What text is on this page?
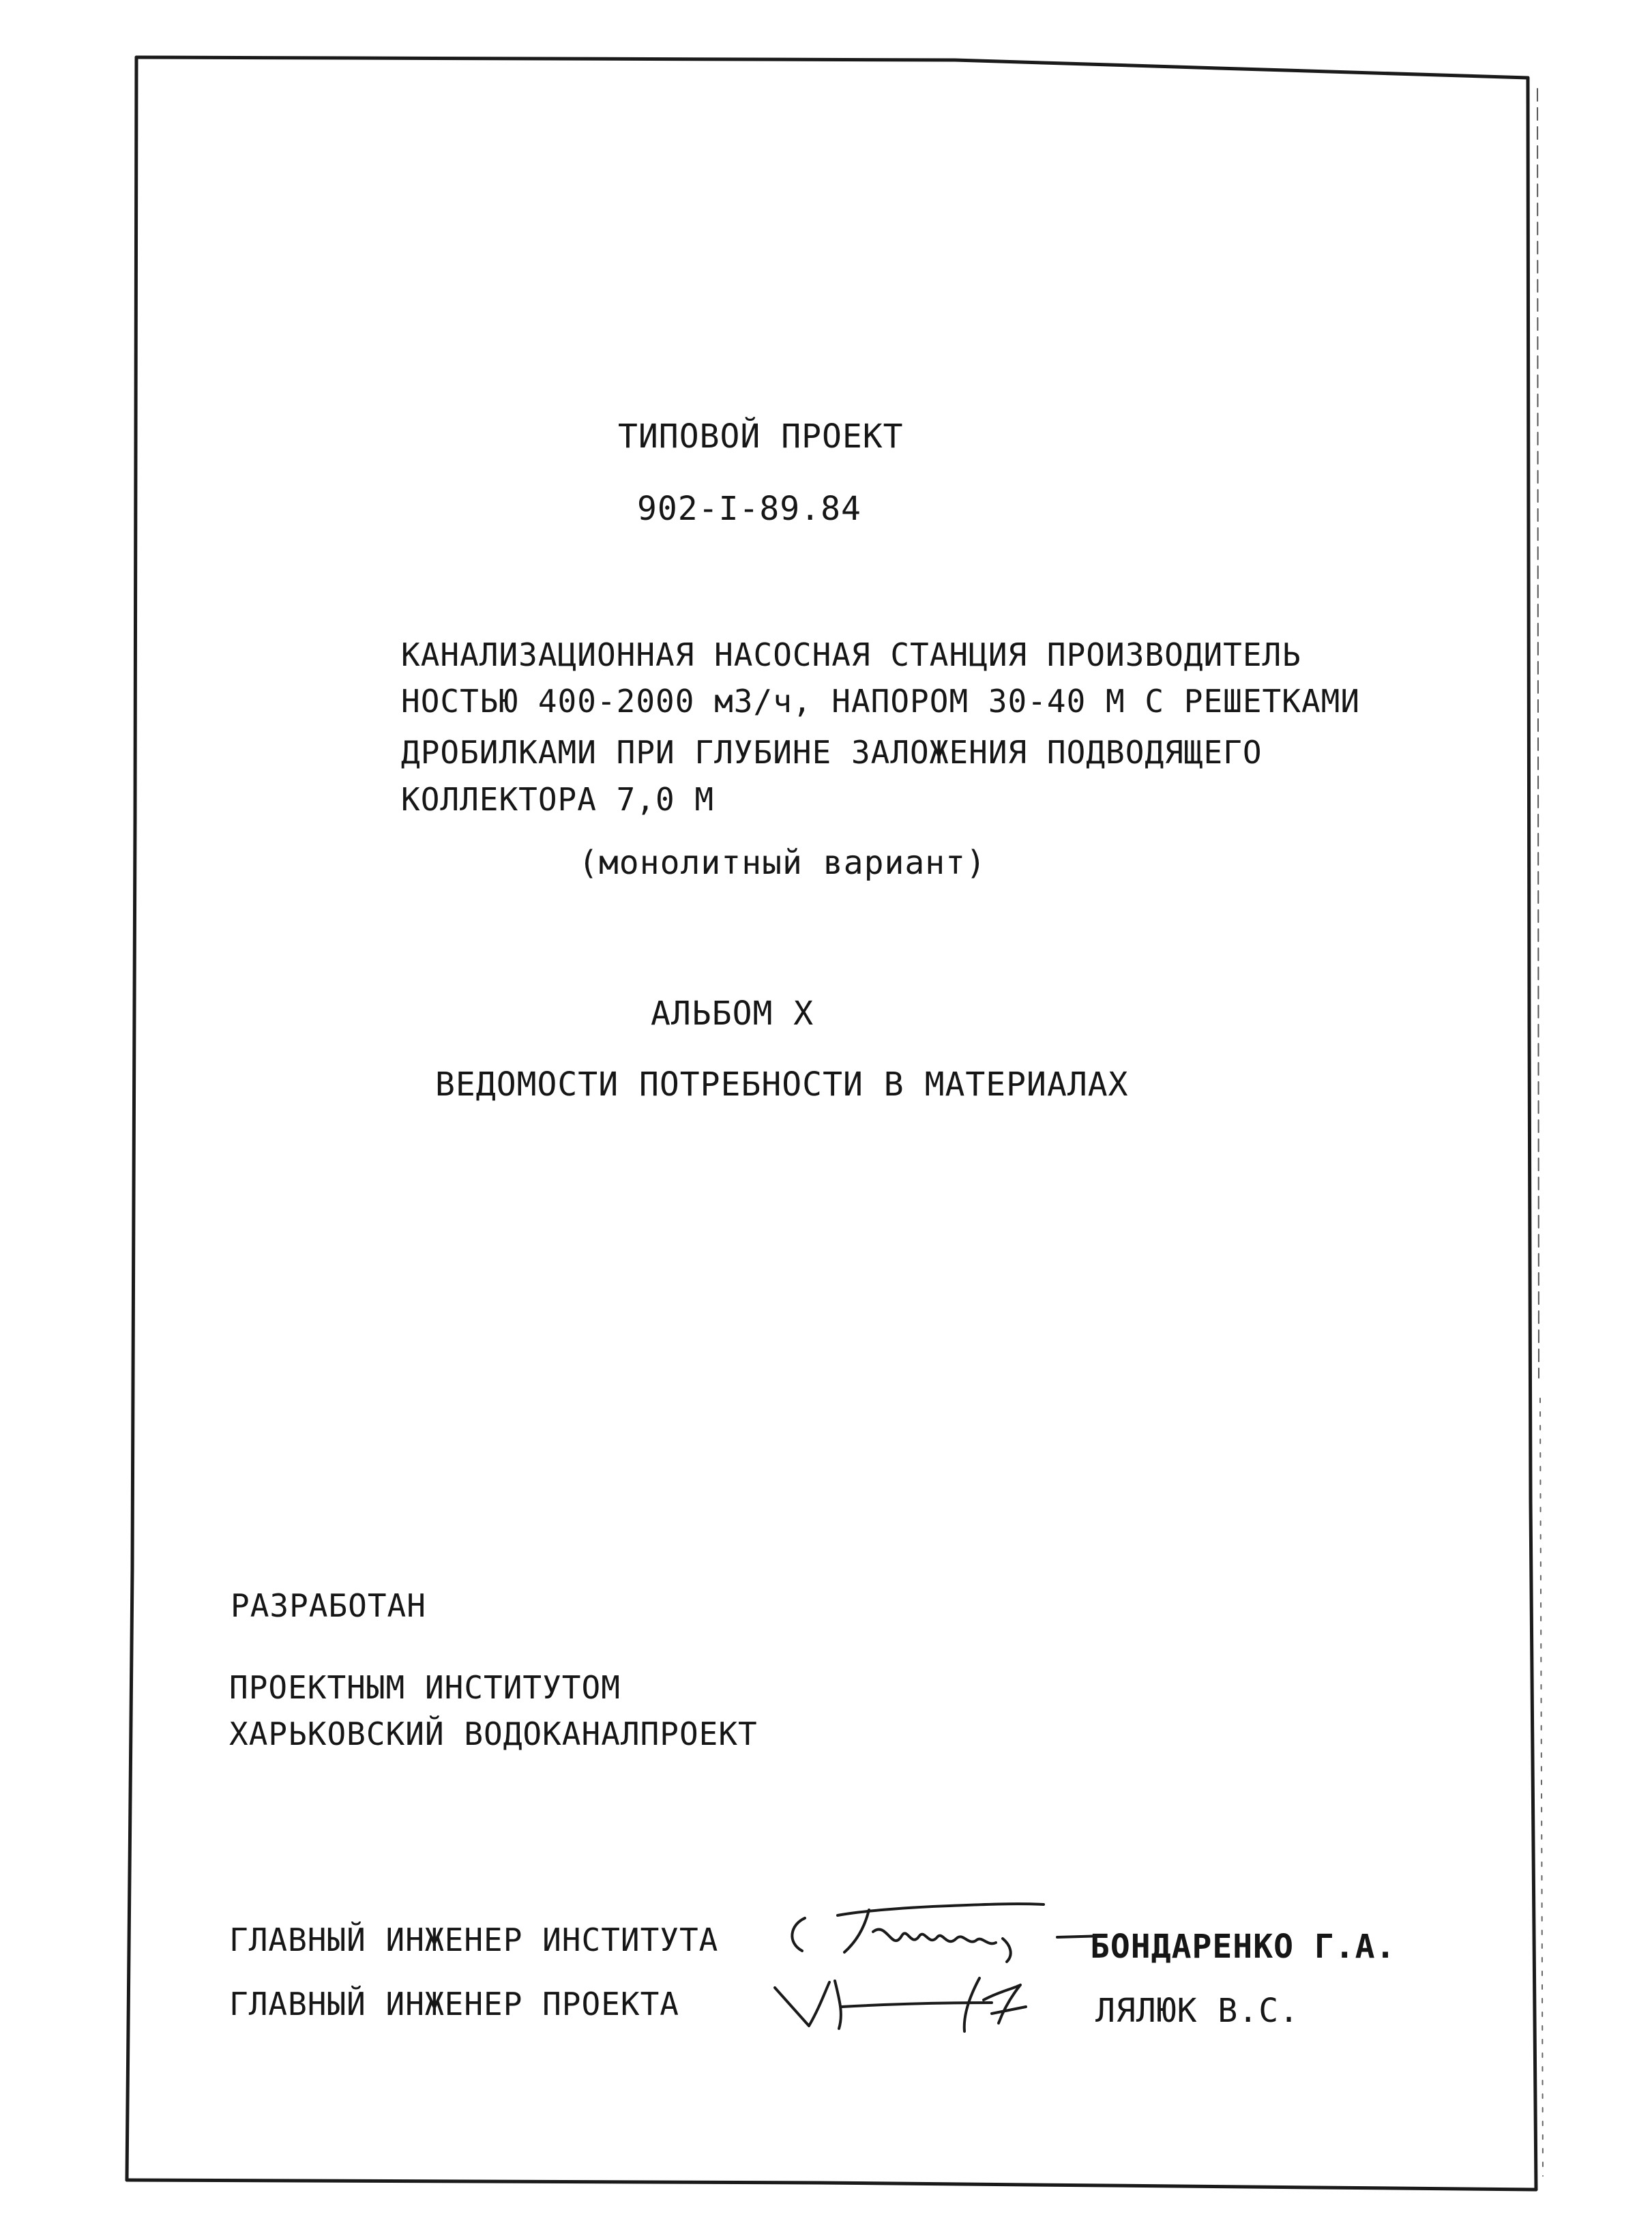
ТИПОВОЙ ПРОЕКТ
902-I-89.84
КАНАЛИЗАЦИОННАЯ НАСОСНАЯ СТАНЦИЯ ПРОИЗВОДИТЕЛЬ
НОСТЬЮ 400-2000 м3/ч, НАПОРОМ 30-40 М С РЕШЕТКАМИ
ДРОБИЛКАМИ ПРИ ГЛУБИНЕ ЗАЛОЖЕНИЯ ПОДВОДЯЩЕГО
КОЛЛЕКТОРА 7,0 М
(монолитный вариант)
АЛЬБОМ X
ВЕДОМОСТИ ПОТРЕБНОСТИ В МАТЕРИАЛАХ
РАЗРАБОТАН
ПРОЕКТНЫМ ИНСТИТУТОМ
ХАРЬКОВСКИЙ ВОДОКАНАЛПРОЕКТ
ГЛАВНЫЙ ИНЖЕНЕР ИНСТИТУТА
ГЛАВНЫЙ ИНЖЕНЕР ПРОЕКТА
БОНДАРЕНКО Г.А.
ЛЯЛЮК В.С.
